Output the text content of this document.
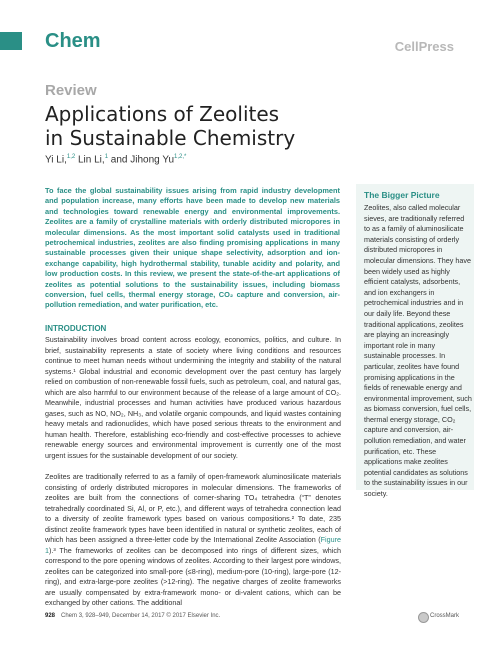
Chem	CellPress
Review
Applications of Zeolites
in Sustainable Chemistry
Yi Li,$^{1,2}$ Lin Li,$^1$ and Jihong $Yu^{1,2,*}$
To face the global sustainability issues arising from rapid industry development and population increase, many efforts have been made to develop new materials and technologies toward renewable energy and environmental improvements. Zeolites are a family of crystalline materials with orderly distributed micropores in molecular dimensions. As the most important solid catalysts used in traditional petrochemical industries, zeolites are also finding promising applications in many sustainable processes given their unique shape selectivity, adsorption and ion-exchange capability, high hydrothermal stability, tunable acidity and polarity, and low production costs. In this review, we present the state-of-the-art applications of zeolites as potential solutions to the sustainability issues, including biomass conversion, fuel cells, thermal energy storage, CO₂ capture and conversion, air-pollution remediation, and water purification, etc.
The Bigger Picture
Zeolites, also called molecular sieves, are traditionally referred to as a family of aluminosilicate materials consisting of orderly distributed micropores in molecular dimensions. They have been widely used as highly efficient catalysts, adsorbents, and ion exchangers in petrochemical industries and in our daily life. Beyond these traditional applications, zeolites are playing an increasingly important role in many sustainable processes. In particular, zeolites have found promising applications in the fields of renewable energy and environmental improvement, such as biomass conversion, fuel cells, thermal energy storage, CO₂ capture and conversion, air-pollution remediation, and water purification, etc. These applications make zeolites potential candidates as solutions to the sustainability issues in our society.
INTRODUCTION
Sustainability involves broad content across ecology, economics, politics, and culture. In brief, sustainability represents a state of society where living conditions and resources continue to meet human needs without undermining the integrity and stability of the natural systems.¹ Global industrial and economic development over the past century has largely relied on combustion of non-renewable fossil fuels, such as petroleum, coal, and natural gas, which are also harmful to our environment because of the release of a large amount of CO₂. Meanwhile, industrial processes and human activities have produced various hazardous gases, such as NO, NO₂, NH₃, and volatile organic compounds, and liquid wastes containing heavy metals and radionuclides, which have posed serious threats to the environment and human health. Therefore, establishing eco-friendly and cost-effective processes to achieve renewable energy sources and environmental improvement is currently one of the most urgent issues for the sustainable development of our society.
Zeolites are traditionally referred to as a family of open-framework aluminosilicate materials consisting of orderly distributed micropores in molecular dimensions. The frameworks of zeolites are built from the connections of corner-sharing TO₄ tetrahedra (“T” denotes tetrahedrally coordinated Si, Al, or P, etc.), and different ways of tetrahedra connection lead to a diversity of zeolite framework types based on various compositions.² To date, 235 distinct zeolite framework types have been identified in natural or synthetic zeolites, each of which has been assigned a three-letter code by the International Zeolite Association (Figure 1).³ The frameworks of zeolites can be decomposed into rings of different sizes, which correspond to the pore opening windows of zeolites. According to their largest pore windows, zeolites can be categorized into small-pore (≤8-ring), medium-pore (10-ring), large-pore (12-ring), and extra-large-pore zeolites (>12-ring). The negative charges of zeolite frameworks are usually compensated by extra-framework mono- or di-valent cations, which can be exchanged by other cations. The additional
928 Chem 3, 928–949, December 14, 2017 © 2017 Elsevier Inc.	CrossMark
